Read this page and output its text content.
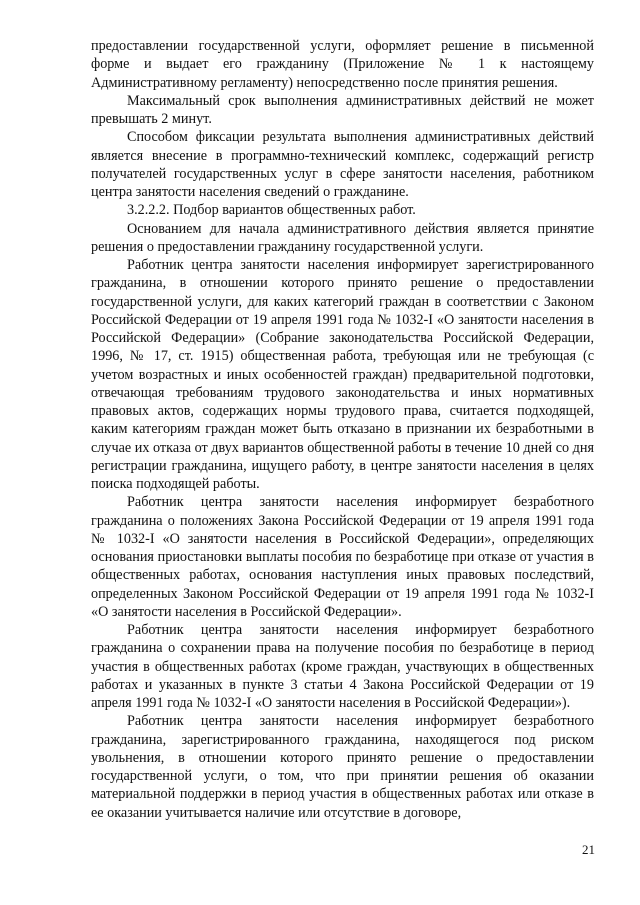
предоставлении государственной услуги, оформляет решение в письменной форме и выдает его гражданину (Приложение № 1 к настоящему Административному регламенту) непосредственно после принятия решения.

Максимальный срок выполнения административных действий не может превышать 2 минут.

Способом фиксации результата выполнения административных действий является внесение в программно-технический комплекс, содержащий регистр получателей государственных услуг в сфере занятости населения, работником центра занятости населения сведений о гражданине.

3.2.2.2. Подбор вариантов общественных работ.

Основанием для начала административного действия является принятие решения о предоставлении гражданину государственной услуги.

Работник центра занятости населения информирует зарегистрированного гражданина, в отношении которого принято решение о предоставлении государственной услуги, для каких категорий граждан в соответствии с Законом Российской Федерации от 19 апреля 1991 года № 1032-I «О занятости населения в Российской Федерации» (Собрание законодательства Российской Федерации, 1996, № 17, ст. 1915) общественная работа, требующая или не требующая (с учетом возрастных и иных особенностей граждан) предварительной подготовки, отвечающая требованиям трудового законодательства и иных нормативных правовых актов, содержащих нормы трудового права, считается подходящей, каким категориям граждан может быть отказано в признании их безработными в случае их отказа от двух вариантов общественной работы в течение 10 дней со дня регистрации гражданина, ищущего работу, в центре занятости населения в целях поиска подходящей работы.

Работник центра занятости населения информирует безработного гражданина о положениях Закона Российской Федерации от 19 апреля 1991 года № 1032-I «О занятости населения в Российской Федерации», определяющих основания приостановки выплаты пособия по безработице при отказе от участия в общественных работах, основания наступления иных правовых последствий, определенных Законом Российской Федерации от 19 апреля 1991 года № 1032-I «О занятости населения в Российской Федерации».

Работник центра занятости населения информирует безработного гражданина о сохранении права на получение пособия по безработице в период участия в общественных работах (кроме граждан, участвующих в общественных работах и указанных в пункте 3 статьи 4 Закона Российской Федерации от 19 апреля 1991 года № 1032-I «О занятости населения в Российской Федерации»).

Работник центра занятости населения информирует безработного гражданина, зарегистрированного гражданина, находящегося под риском увольнения, в отношении которого принято решение о предоставлении государственной услуги, о том, что при принятии решения об оказании материальной поддержки в период участия в общественных работах или отказе в ее оказании учитывается наличие или отсутствие в договоре,

21
